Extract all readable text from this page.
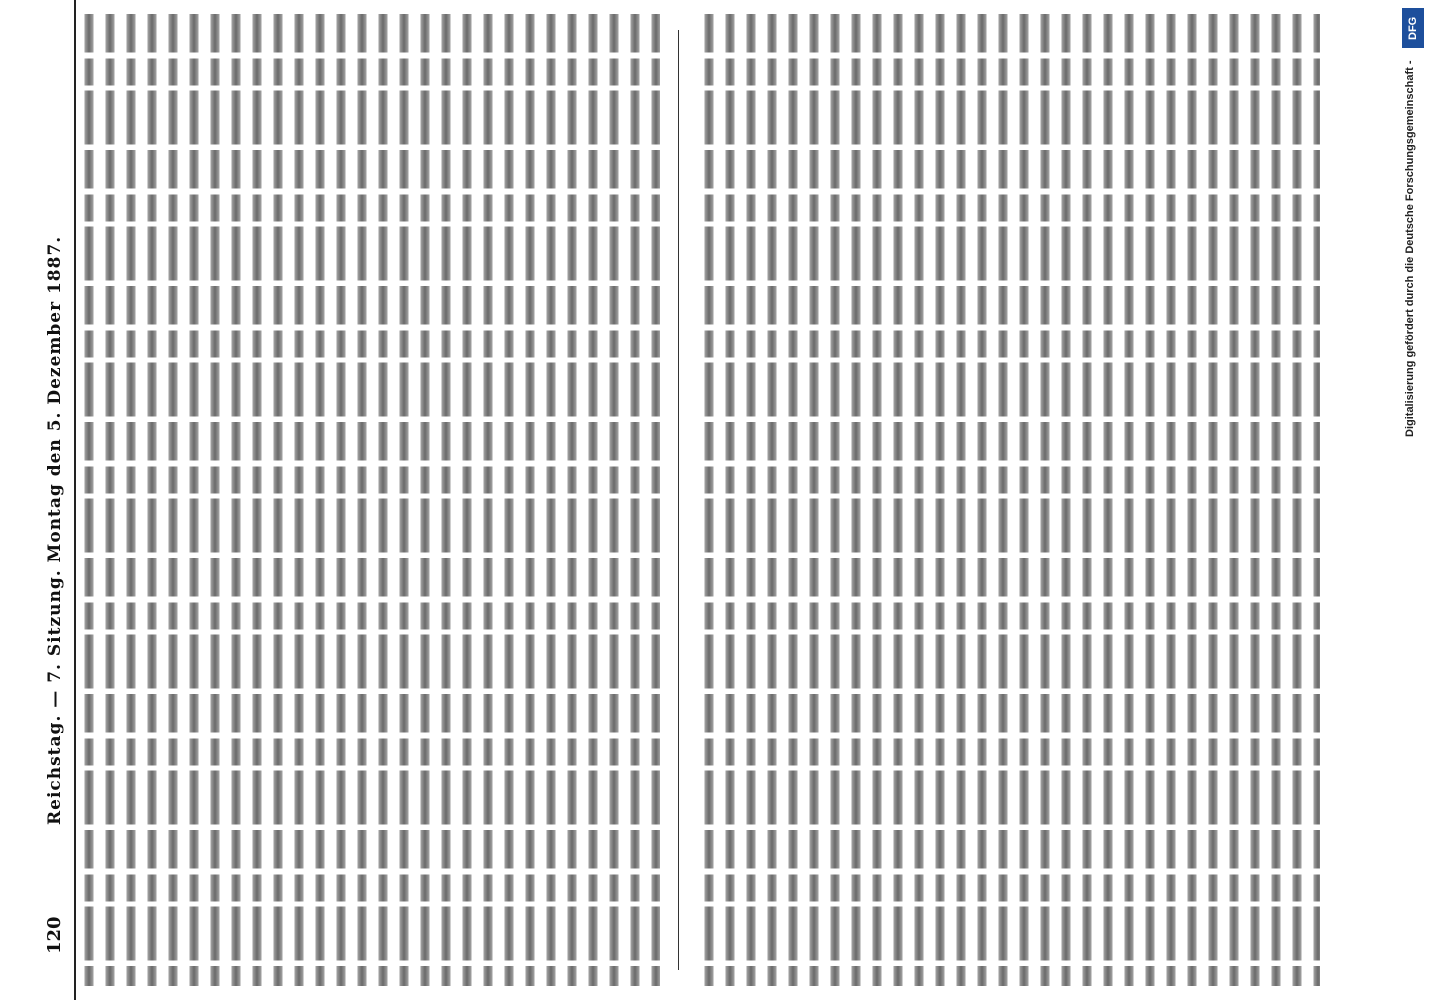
120
Reichstag. — 7. Sitzung. Montag den 5. Dezember 1887.	Digitalisierung gefördert durch die Deutsche Forschungsgemeinschaft -
DFG
